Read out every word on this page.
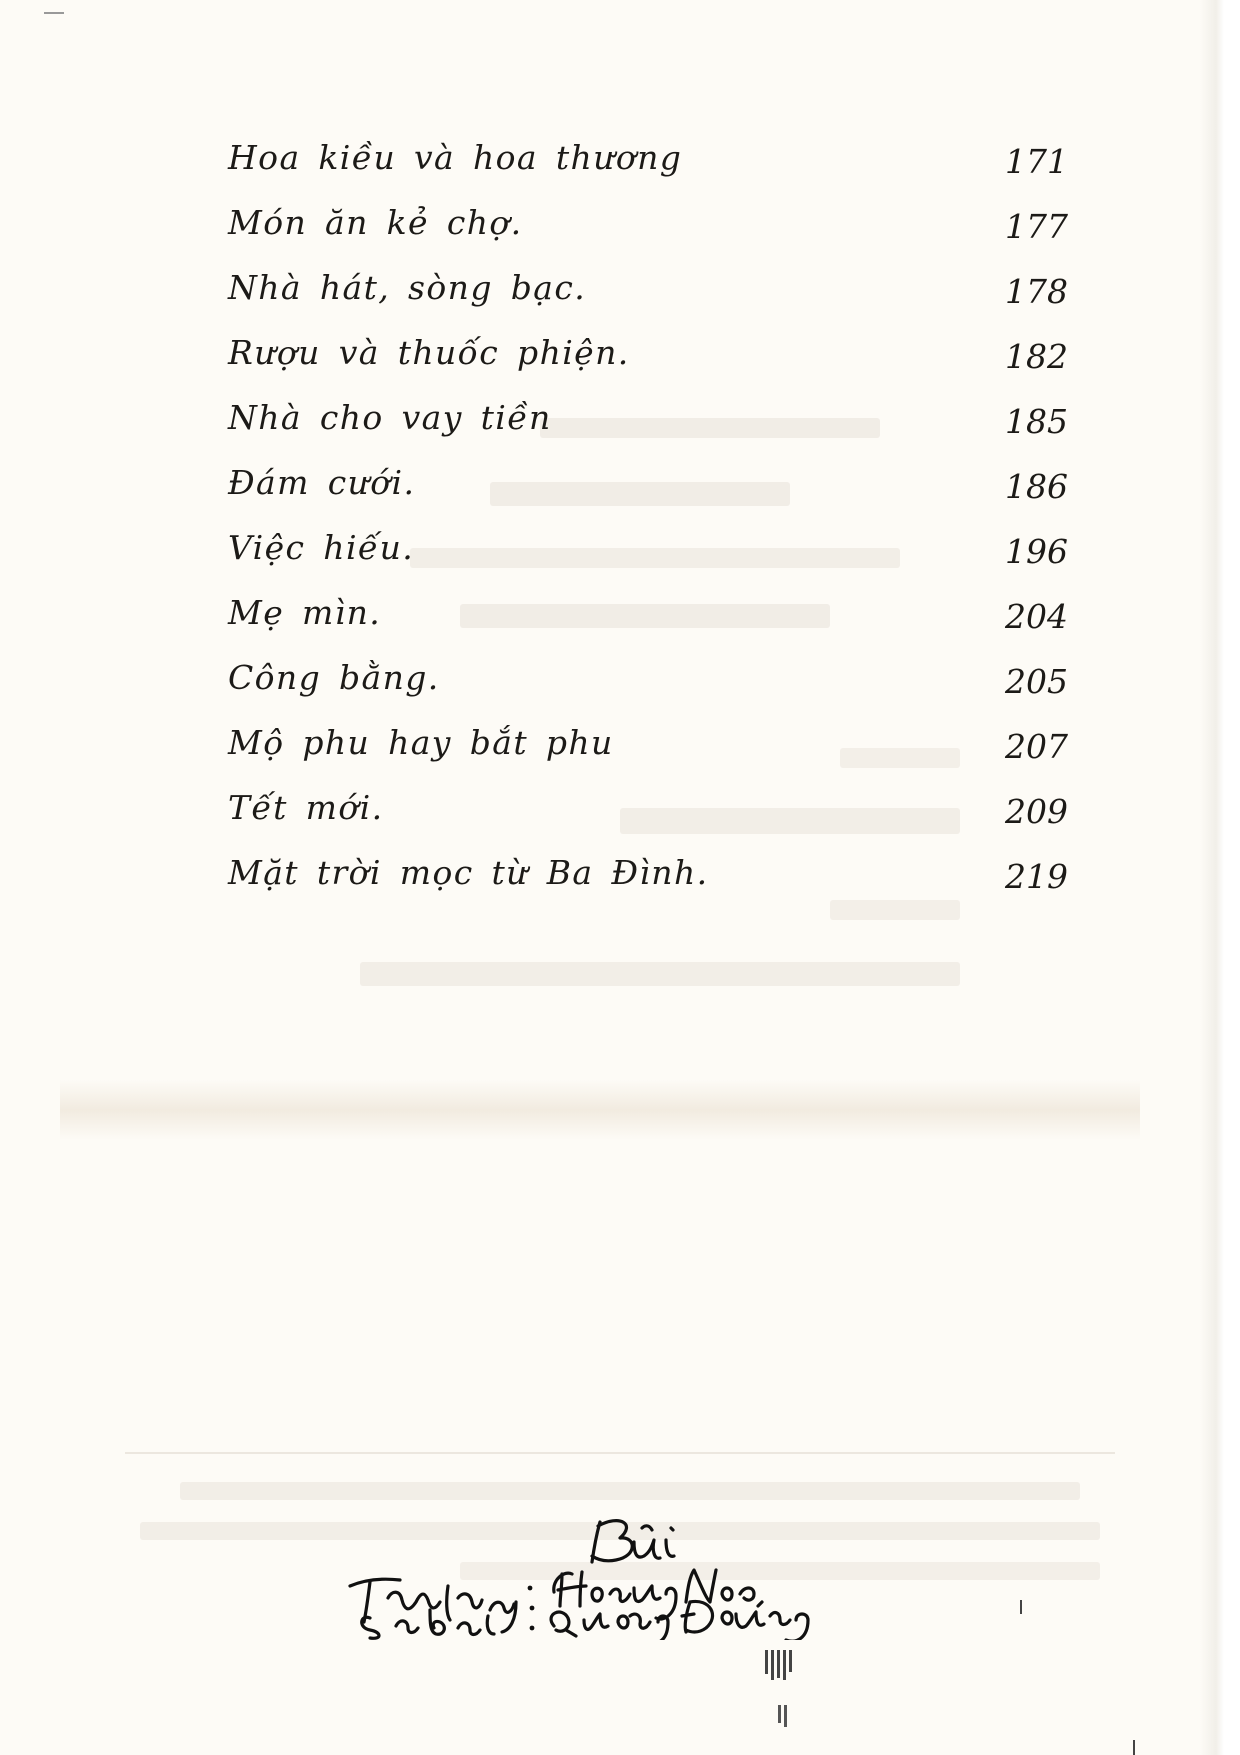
Hoa kiều và hoa thương	171
Món ăn kẻ chợ.	177
Nhà hát, sòng bạc.	178
Rượu và thuốc phiện.	182
Nhà cho vay tiền	185
Đám cưới.	186
Việc hiếu.	196
Mẹ mìn.	204
Công bằng.	205
Mộ phu hay bắt phu	207
Tết mới.	209
Mặt trời mọc từ Ba Đình.	219
